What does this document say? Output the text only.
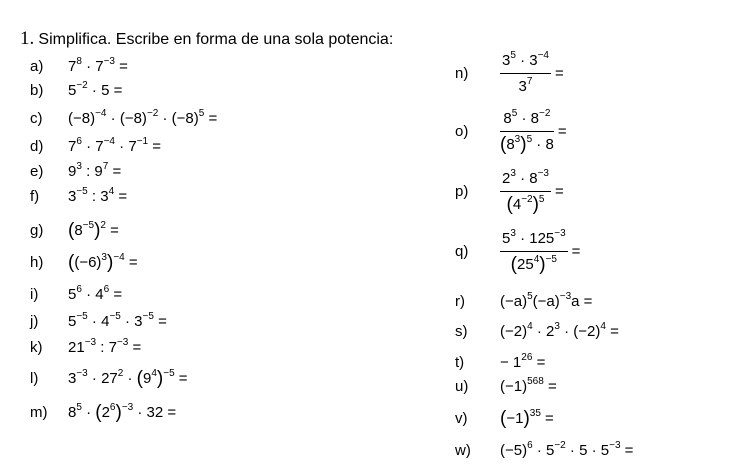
1. Simplifica. Escribe en forma de una sola potencia:
a) $7^8 \cdot 7^{-3}$ =
b) $5^{-2} \cdot 5$ =
c) $(-8)^{-4} \cdot (-8)^{-2} \cdot (-8)^5$ =
d) $7^6 \cdot 7^{-4} \cdot 7^{-1}$ =
e) $9^3$ : $9^7$ =
f) $3^{-5}$ : $3^4$ =
g) $(8^{-5})^2$ =
h) $((-6)^3)^{-4}$ =
i) $5^6 \cdot 4^6$ =
j) $5^{-5} \cdot 4^{-5} \cdot 3^{-5}$ =
k) $21^{-3}$ : $7^{-3}$ =
l) $3^{-3} \cdot 27^2 \cdot (9^4)^{-5}$ =
m) $8^5 \cdot (2^6)^{-3} \cdot 32$ =
$n) \frac{3^5 \cdot 3^{-4}}{3^7}$ =
$o) \frac{8^5 \cdot 8^{-2}}{(8^3)^5 \cdot 8}$ =
$p) \frac{2^3 \cdot 8^{-3}}{(4^{-2})^5}$ =
$q) \frac{5^3 \cdot 125^{-3}}{(25^4)^{-5}}$ =
r) $(-a)^5(-a)^{-3}a$ =
s) $(-2)^4 \cdot 2^3 \cdot (-2)^4$ =
$t) - 1^{26}$ =
u) $(-1)^{568}$ =
v) $(-1)^{35}$ =
w) $(-5)^6 \cdot 5^{-2} \cdot 5 \cdot 5^{-3}$ =
